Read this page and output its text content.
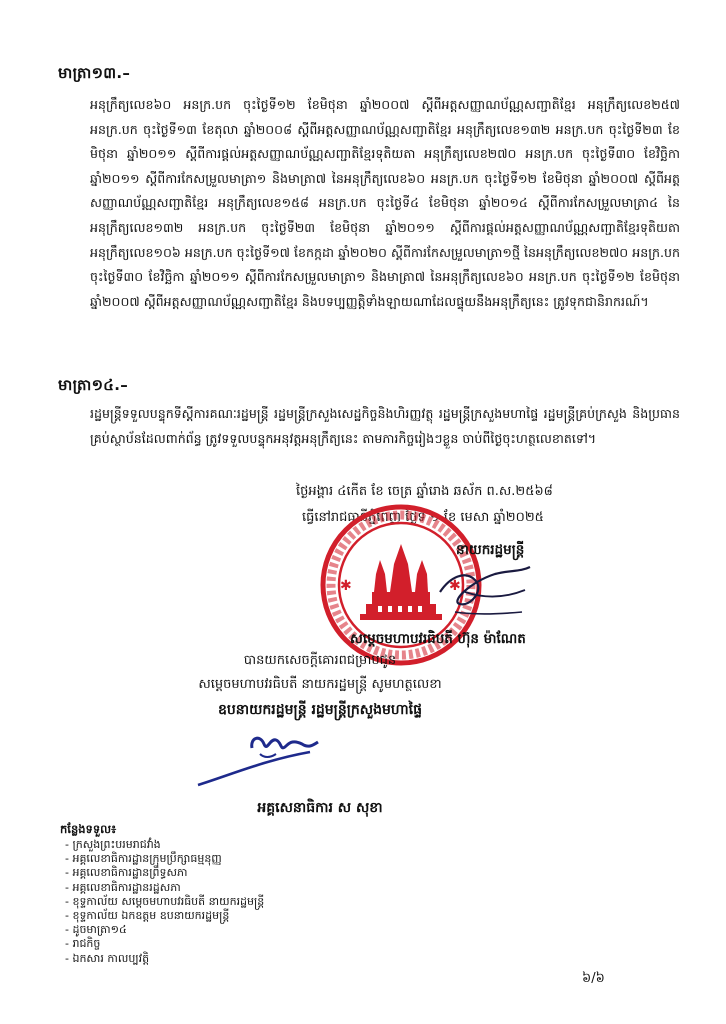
មាត្រា១៣.–
អនុក្រឹត្យលេខ៦០ អនក្រ.បក ចុះថ្ងៃទី១២ ខែមិថុនា ឆ្នាំ២០០៧ ស្តីពីអត្តសញ្ញាណប័ណ្ណសញ្ជាតិខ្មែរ អនុក្រឹត្យលេខ២៥៧ អនក្រ.បក ចុះថ្ងៃទី១៣ ខែតុលា ឆ្នាំ២០០៨ ស្តីពីអត្តសញ្ញាណប័ណ្ណសញ្ជាតិខ្មែរ អនុក្រឹត្យលេខ១៣២ អនក្រ.បក ចុះថ្ងៃទី២៣ ខែមិថុនា ឆ្នាំ២០១១ ស្តីពីការផ្តល់អត្តសញ្ញាណប័ណ្ណសញ្ជាតិខ្មែរទុតិយតា អនុក្រឹត្យលេខ២៧០ អនក្រ.បក ចុះថ្ងៃទី៣០ ខែវិច្ឆិកា ឆ្នាំ២០១១ ស្តីពីការកែសម្រួលមាត្រា១ និងមាត្រា៧ នៃអនុក្រឹត្យលេខ៦០ អនក្រ.បក ចុះថ្ងៃទី១២ ខែមិថុនា ឆ្នាំ២០០៧ ស្តីពីអត្តសញ្ញាណប័ណ្ណសញ្ជាតិខ្មែរ អនុក្រឹត្យលេខ១៥៨ អនក្រ.បក ចុះថ្ងៃទី៤ ខែមិថុនា ឆ្នាំ២០១៤ ស្តីពីការកែសម្រួលមាត្រា៤ នៃអនុក្រឹត្យលេខ១៣២ អនក្រ.បក ចុះថ្ងៃទី២៣ ខែមិថុនា ឆ្នាំ២០១១ ស្តីពីការផ្តល់អត្តសញ្ញាណប័ណ្ណសញ្ជាតិខ្មែរទុតិយតា អនុក្រឹត្យលេខ១០៦ អនក្រ.បក ចុះថ្ងៃទី១៧ ខែកក្កដា ឆ្នាំ២០២០ ស្តីពីការកែសម្រួលមាត្រា១ថ្មី នៃអនុក្រឹត្យលេខ២៧០ អនក្រ.បក ចុះថ្ងៃទី៣០ ខែវិច្ឆិកា ឆ្នាំ២០១១ ស្តីពីការកែសម្រួលមាត្រា១ និងមាត្រា៧ នៃអនុក្រឹត្យលេខ៦០ អនក្រ.បក ចុះថ្ងៃទី១២ ខែមិថុនា ឆ្នាំ២០០៧ ស្តីពីអត្តសញ្ញាណប័ណ្ណសញ្ជាតិខ្មែរ និងបទប្បញ្ញត្តិទាំងឡាយណាដែលផ្ទុយនឹងអនុក្រឹត្យនេះ ត្រូវទុកជានិរាករណ៍។
មាត្រា១៤.–
រដ្ឋមន្ត្រីទទួលបន្ទុកទីស្តីការគណៈរដ្ឋមន្ត្រី រដ្ឋមន្ត្រីក្រសួងសេដ្ឋកិច្ចនិងហិរញ្ញវត្ថុ រដ្ឋមន្ត្រីក្រសួងមហាផ្ទៃ រដ្ឋមន្ត្រីគ្រប់ក្រសួង និងប្រធានគ្រប់ស្ថាប័នដែលពាក់ព័ន្ធ ត្រូវទទួលបន្ទុកអនុវត្តអនុក្រឹត្យនេះ តាមភារកិច្ចរៀងៗខ្លួន ចាប់ពីថ្ងៃចុះហត្ថលេខាតទៅ។
ថ្ងៃអង្គារ ៤កើត ខែ ចេត្រ ឆ្នាំរោង ឆស័ក ព.ស.២៥៦៨
ធ្វើនៅរាជធានីភ្នំពេញ ថ្ងៃទី ១ ខែ មេសា ឆ្នាំ២០២៥
✱	✱
នាយករដ្ឋមន្ត្រី
សម្តេចមហាបវរធិបតី ហ៊ុន ម៉ាណែត
បានយកសេចក្តីគោរពជម្រាបជូន
សម្តេចមហាបវរធិបតី នាយករដ្ឋមន្ត្រី សូមហត្ថលេខា
ឧបនាយករដ្ឋមន្ត្រី រដ្ឋមន្ត្រីក្រសួងមហាផ្ទៃ
អគ្គសេនាធិការ ស សុខា
កន្លែងទទួល៖
- ក្រសួងព្រះបរមរាជវាំង
- អគ្គលេខាធិការដ្ឋានក្រុមប្រឹក្សាធម្មនុញ្ញ
- អគ្គលេខាធិការដ្ឋានព្រឹទ្ធសភា
- អគ្គលេខាធិការដ្ឋានរដ្ឋសភា
- ខុទ្ទកាល័យ សម្តេចមហាបវរធិបតី នាយករដ្ឋមន្ត្រី
- ខុទ្ទកាល័យ ឯកឧត្តម ឧបនាយករដ្ឋមន្ត្រី
- ដូចមាត្រា១៤
- រាជកិច្ច
- ឯកសារ កាលប្បវត្តិ
៦/៦
